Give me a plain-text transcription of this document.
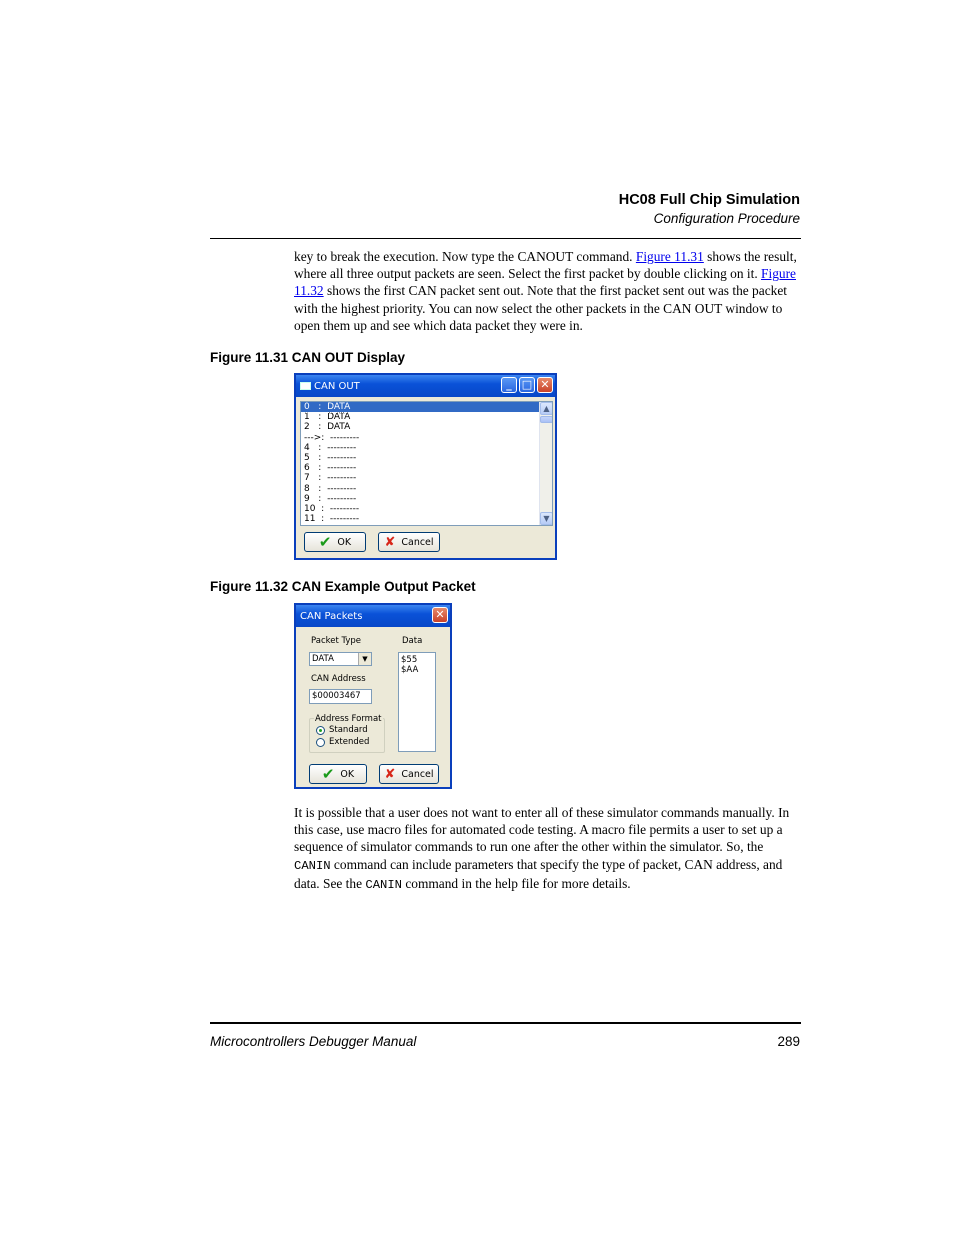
HC08 Full Chip Simulation
Configuration Procedure

key to break the execution. Now type the CANOUT command. Figure 11.31 shows the result, where all three output packets are seen. Select the first packet by double clicking on it. Figure 11.32 shows the first CAN packet sent out. Note that the first packet sent out was the packet with the highest priority. You can now select the other packets in the CAN OUT window to open them up and see which data packet they were in.

Figure 11.31 CAN OUT Display
CAN OUT	_ □ ✕
0   :  DATA
1   :  DATA
2   :  DATA
--->:  ---------
4   :  ---------
5   :  ---------
6   :  ---------
7   :  ---------
8   :  ---------
9   :  ---------
10  :  ---------
11  :  ---------
▲
▼
✔ OK	✘ Cancel
Figure 11.32 CAN Example Output Packet
CAN Packets	✕
Packet Type	Data
DATA	▼	$55
$AA
CAN Address
$00003467
Address Format
Standard
Extended
✔ OK ✘ Cancel

It is possible that a user does not want to enter all of these simulator commands manually. In this case, use macro files for automated code testing. A macro file permits a user to set up a sequence of simulator commands to run one after the other within the simulator. So, the CANIN command can include parameters that specify the type of packet, CAN address, and data. See the CANIN command in the help file for more details.

Microcontrollers Debugger Manual	289
